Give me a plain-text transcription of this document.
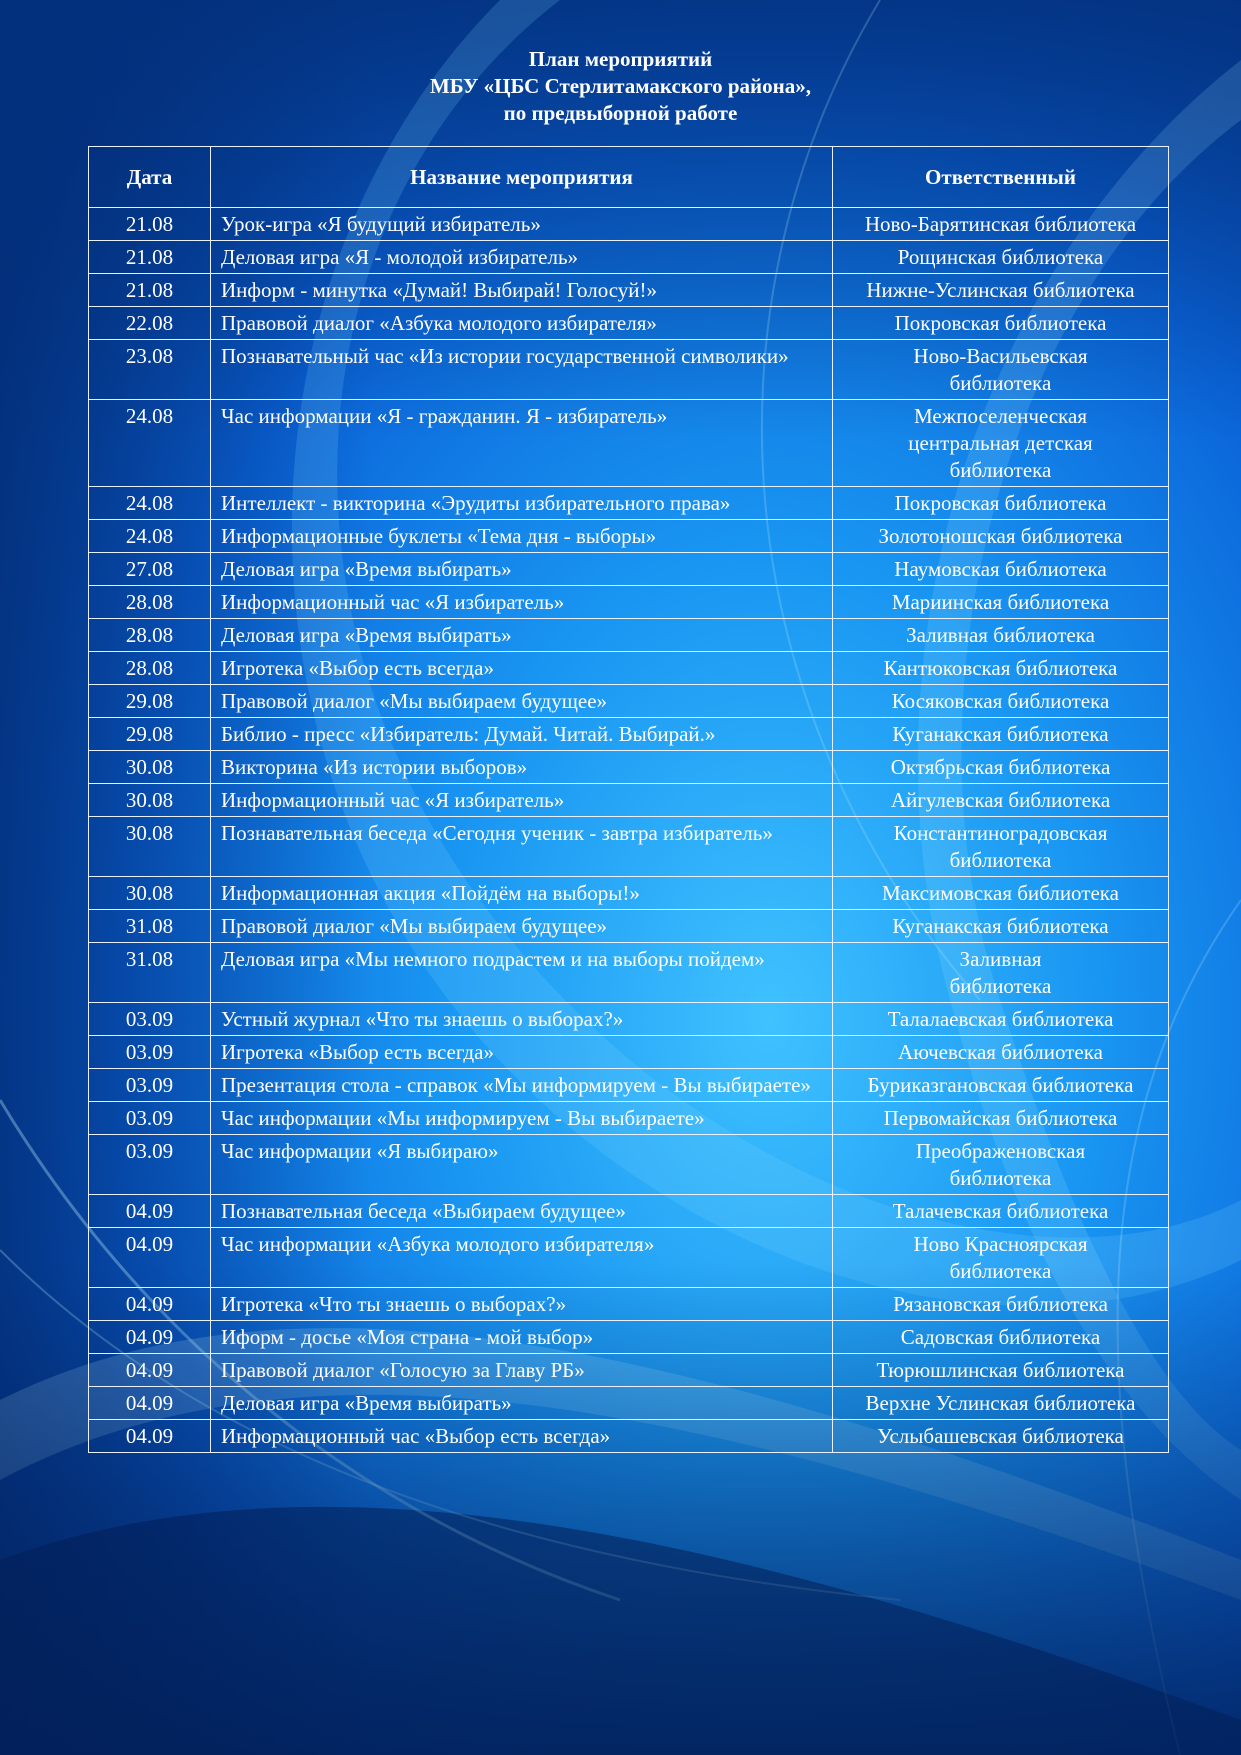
План мероприятий
МБУ «ЦБС Стерлитамакского района»,
по предвыборной работе
Дата	Название мероприятия	Ответственный
21.08	Урок-игра «Я будущий избиратель»	Ново-Барятинская библиотека

21.08	Деловая игра «Я - молодой избиратель»	Рощинская библиотека

21.08	Информ - минутка «Думай! Выбирай! Голосуй!»	Нижне-Услинская библиотека

22.08	Правовой диалог «Азбука молодого избирателя»	Покровская библиотека

23.08	Познавательный час «Из истории государственной символики»	Ново-Васильевская
библиотека

24.08	Час информации «Я - гражданин. Я - избиратель»	Межпоселенческая
центральная детская
библиотека

24.08	Интеллект - викторина «Эрудиты избирательного права»	Покровская библиотека

24.08	Информационные буклеты «Тема дня - выборы»	Золотоношская библиотека

27.08	Деловая игра «Время выбирать»	Наумовская библиотека

28.08	Информационный час «Я избиратель»	Мариинская библиотека

28.08	Деловая игра «Время выбирать»	Заливная библиотека

28.08	Игротека «Выбор есть всегда»	Кантюковская библиотека

29.08	Правовой диалог «Мы выбираем будущее»	Косяковская библиотека

29.08	Библио - пресс «Избиратель: Думай. Читай. Выбирай.»	Куганакская библиотека

30.08	Викторина «Из истории выборов»	Октябрьская библиотека

30.08	Информационный час «Я избиратель»	Айгулевская библиотека

30.08	Познавательная беседа «Сегодня ученик - завтра избиратель»	Константиноградовская
библиотека

30.08	Информационная акция «Пойдём на выборы!»	Максимовская библиотека

31.08	Правовой диалог «Мы выбираем будущее»	Куганакская библиотека

31.08	Деловая игра «Мы немного подрастем и на выборы пойдем»	Заливная
библиотека

03.09	Устный журнал «Что ты знаешь о выборах?»	Талалаевская библиотека

03.09	Игротека «Выбор есть всегда»	Аючевская библиотека

03.09	Презентация стола - справок «Мы информируем - Вы выбираете»	Буриказгановская библиотека

03.09	Час информации «Мы информируем - Вы выбираете»	Первомайская библиотека

03.09	Час информации «Я выбираю»	Преображеновская
библиотека

04.09	Познавательная беседа «Выбираем будущее»	Талачевская библиотека

04.09	Час информации «Азбука молодого избирателя»	Ново Красноярская
библиотека

04.09	Игротека «Что ты знаешь о выборах?»	Рязановская библиотека

04.09	Иформ - досье «Моя страна - мой выбор»	Садовская библиотека

04.09	Правовой диалог «Голосую за Главу РБ»	Тюрюшлинская библиотека

04.09	Деловая игра «Время выбирать»	Верхне Услинская библиотека

04.09	Информационный час «Выбор есть всегда»	Услыбашевская библиотека
